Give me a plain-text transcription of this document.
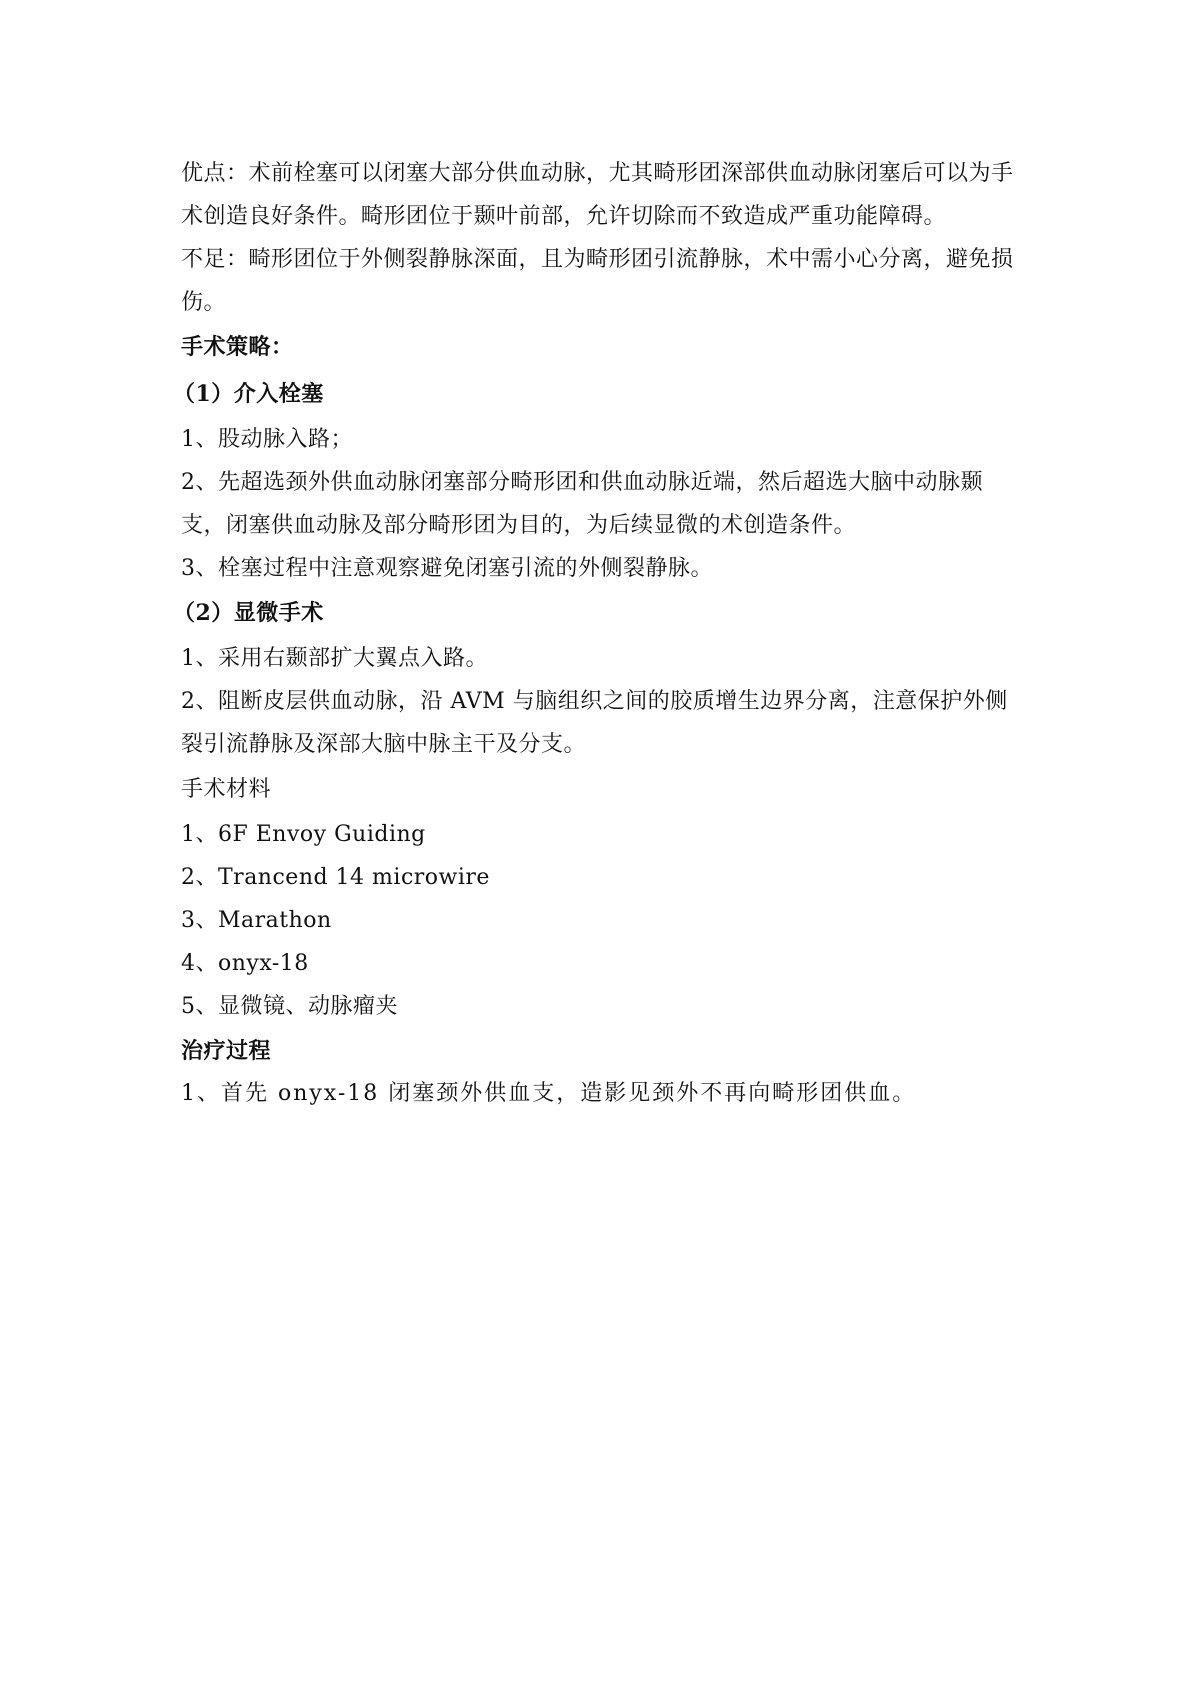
优点：术前栓塞可以闭塞大部分供血动脉，尤其畸形团深部供血动脉闭塞后可以为手术创造良好条件。畸形团位于颞叶前部，允许切除而不致造成严重功能障碍。

不足：畸形团位于外侧裂静脉深面，且为畸形团引流静脉，术中需小心分离，避免损伤。

手术策略：

（1）介入栓塞

1、股动脉入路；

2、先超选颈外供血动脉闭塞部分畸形团和供血动脉近端，然后超选大脑中动脉颞支，闭塞供血动脉及部分畸形团为目的，为后续显微的术创造条件。

3、栓塞过程中注意观察避免闭塞引流的外侧裂静脉。

（2）显微手术

1、采用右颞部扩大翼点入路。

2、阻断皮层供血动脉，沿 AVM 与脑组织之间的胶质增生边界分离，注意保护外侧裂引流静脉及深部大脑中脉主干及分支。

手术材料

1、6F Envoy Guiding

2、Trancend 14 microwire

3、Marathon

4、onyx-18

5、显微镜、动脉瘤夹

治疗过程

1、首先 onyx-18 闭塞颈外供血支，造影见颈外不再向畸形团供血。
